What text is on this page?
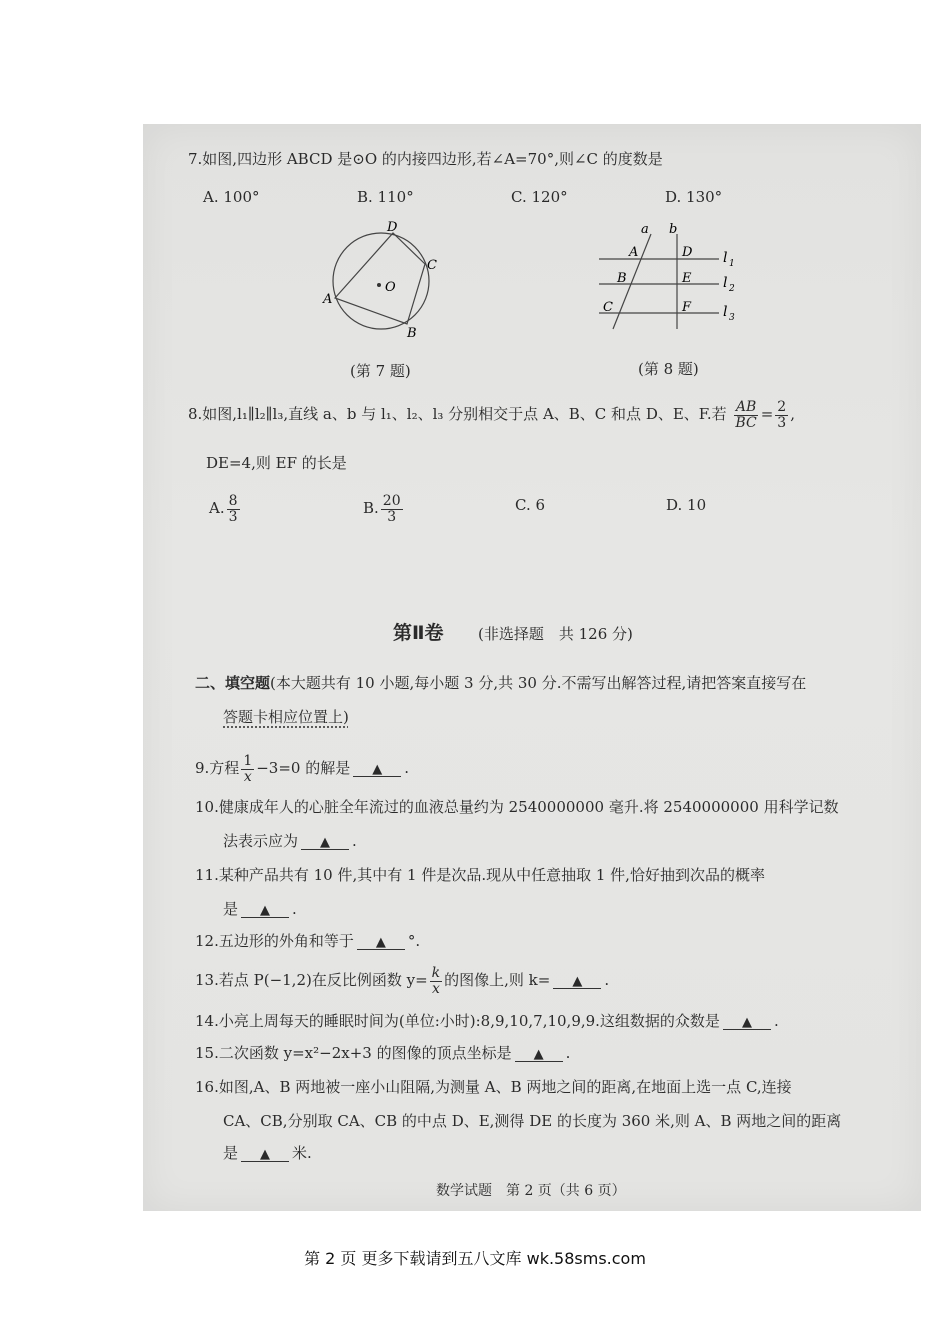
7.如图,四边形 ABCD 是⊙O 的内接四边形,若∠A=70°,则∠C 的度数是
A. 100°	B. 110°	C. 120°	D. 130°
D
C
A
B
O
(第 7 题)
a b
A
B
C
D
E
F
l 1
l 2
l 3
(第 8 题)
8.如图,l₁∥l₂∥l₃,直线 a、b 与 l₁、l₂、l₃ 分别相交于点 A、B、C 和点 D、E、F.若 $\frac{AB}{BC} = \frac{2}{3}$ ,
DE=4,则 EF 的长是
A. $\frac{8}{3}$	B. $\frac{20}{3}$	C. 6	D. 10
第Ⅱ卷 (非选择题　共 126 分)
二、填空题(本大题共有 10 小题,每小题 3 分,共 30 分.不需写出解答过程,请把答案直接写在
答题卡相应位置上)
9.方程 $\frac{1}{x} -3=0$ 的解是 ▲ .
10.健康成年人的心脏全年流过的血液总量约为 2540000000 毫升.将 2540000000 用科学记数
法表示应为 ▲ .
11.某种产品共有 10 件,其中有 1 件是次品.现从中任意抽取 1 件,恰好抽到次品的概率
是 ▲ .
12.五边形的外角和等于 ▲ °.
13.若点 P(−1,2)在反比例函数 $y= \frac{k}{x}$ 的图像上,则 k= ▲ .
14.小亮上周每天的睡眠时间为(单位:小时):8,9,10,7,10,9,9.这组数据的众数是 ▲ .
15.二次函数 y=x²−2x+3 的图像的顶点坐标是 ▲ .
16.如图,A、B 两地被一座小山阻隔,为测量 A、B 两地之间的距离,在地面上选一点 C,连接
CA、CB,分别取 CA、CB 的中点 D、E,测得 DE 的长度为 360 米,则 A、B 两地之间的距离
是 ▲ 米.
数学试题　第 2 页（共 6 页）
第 2 页 更多下载请到五八文库 wk.58sms.com
